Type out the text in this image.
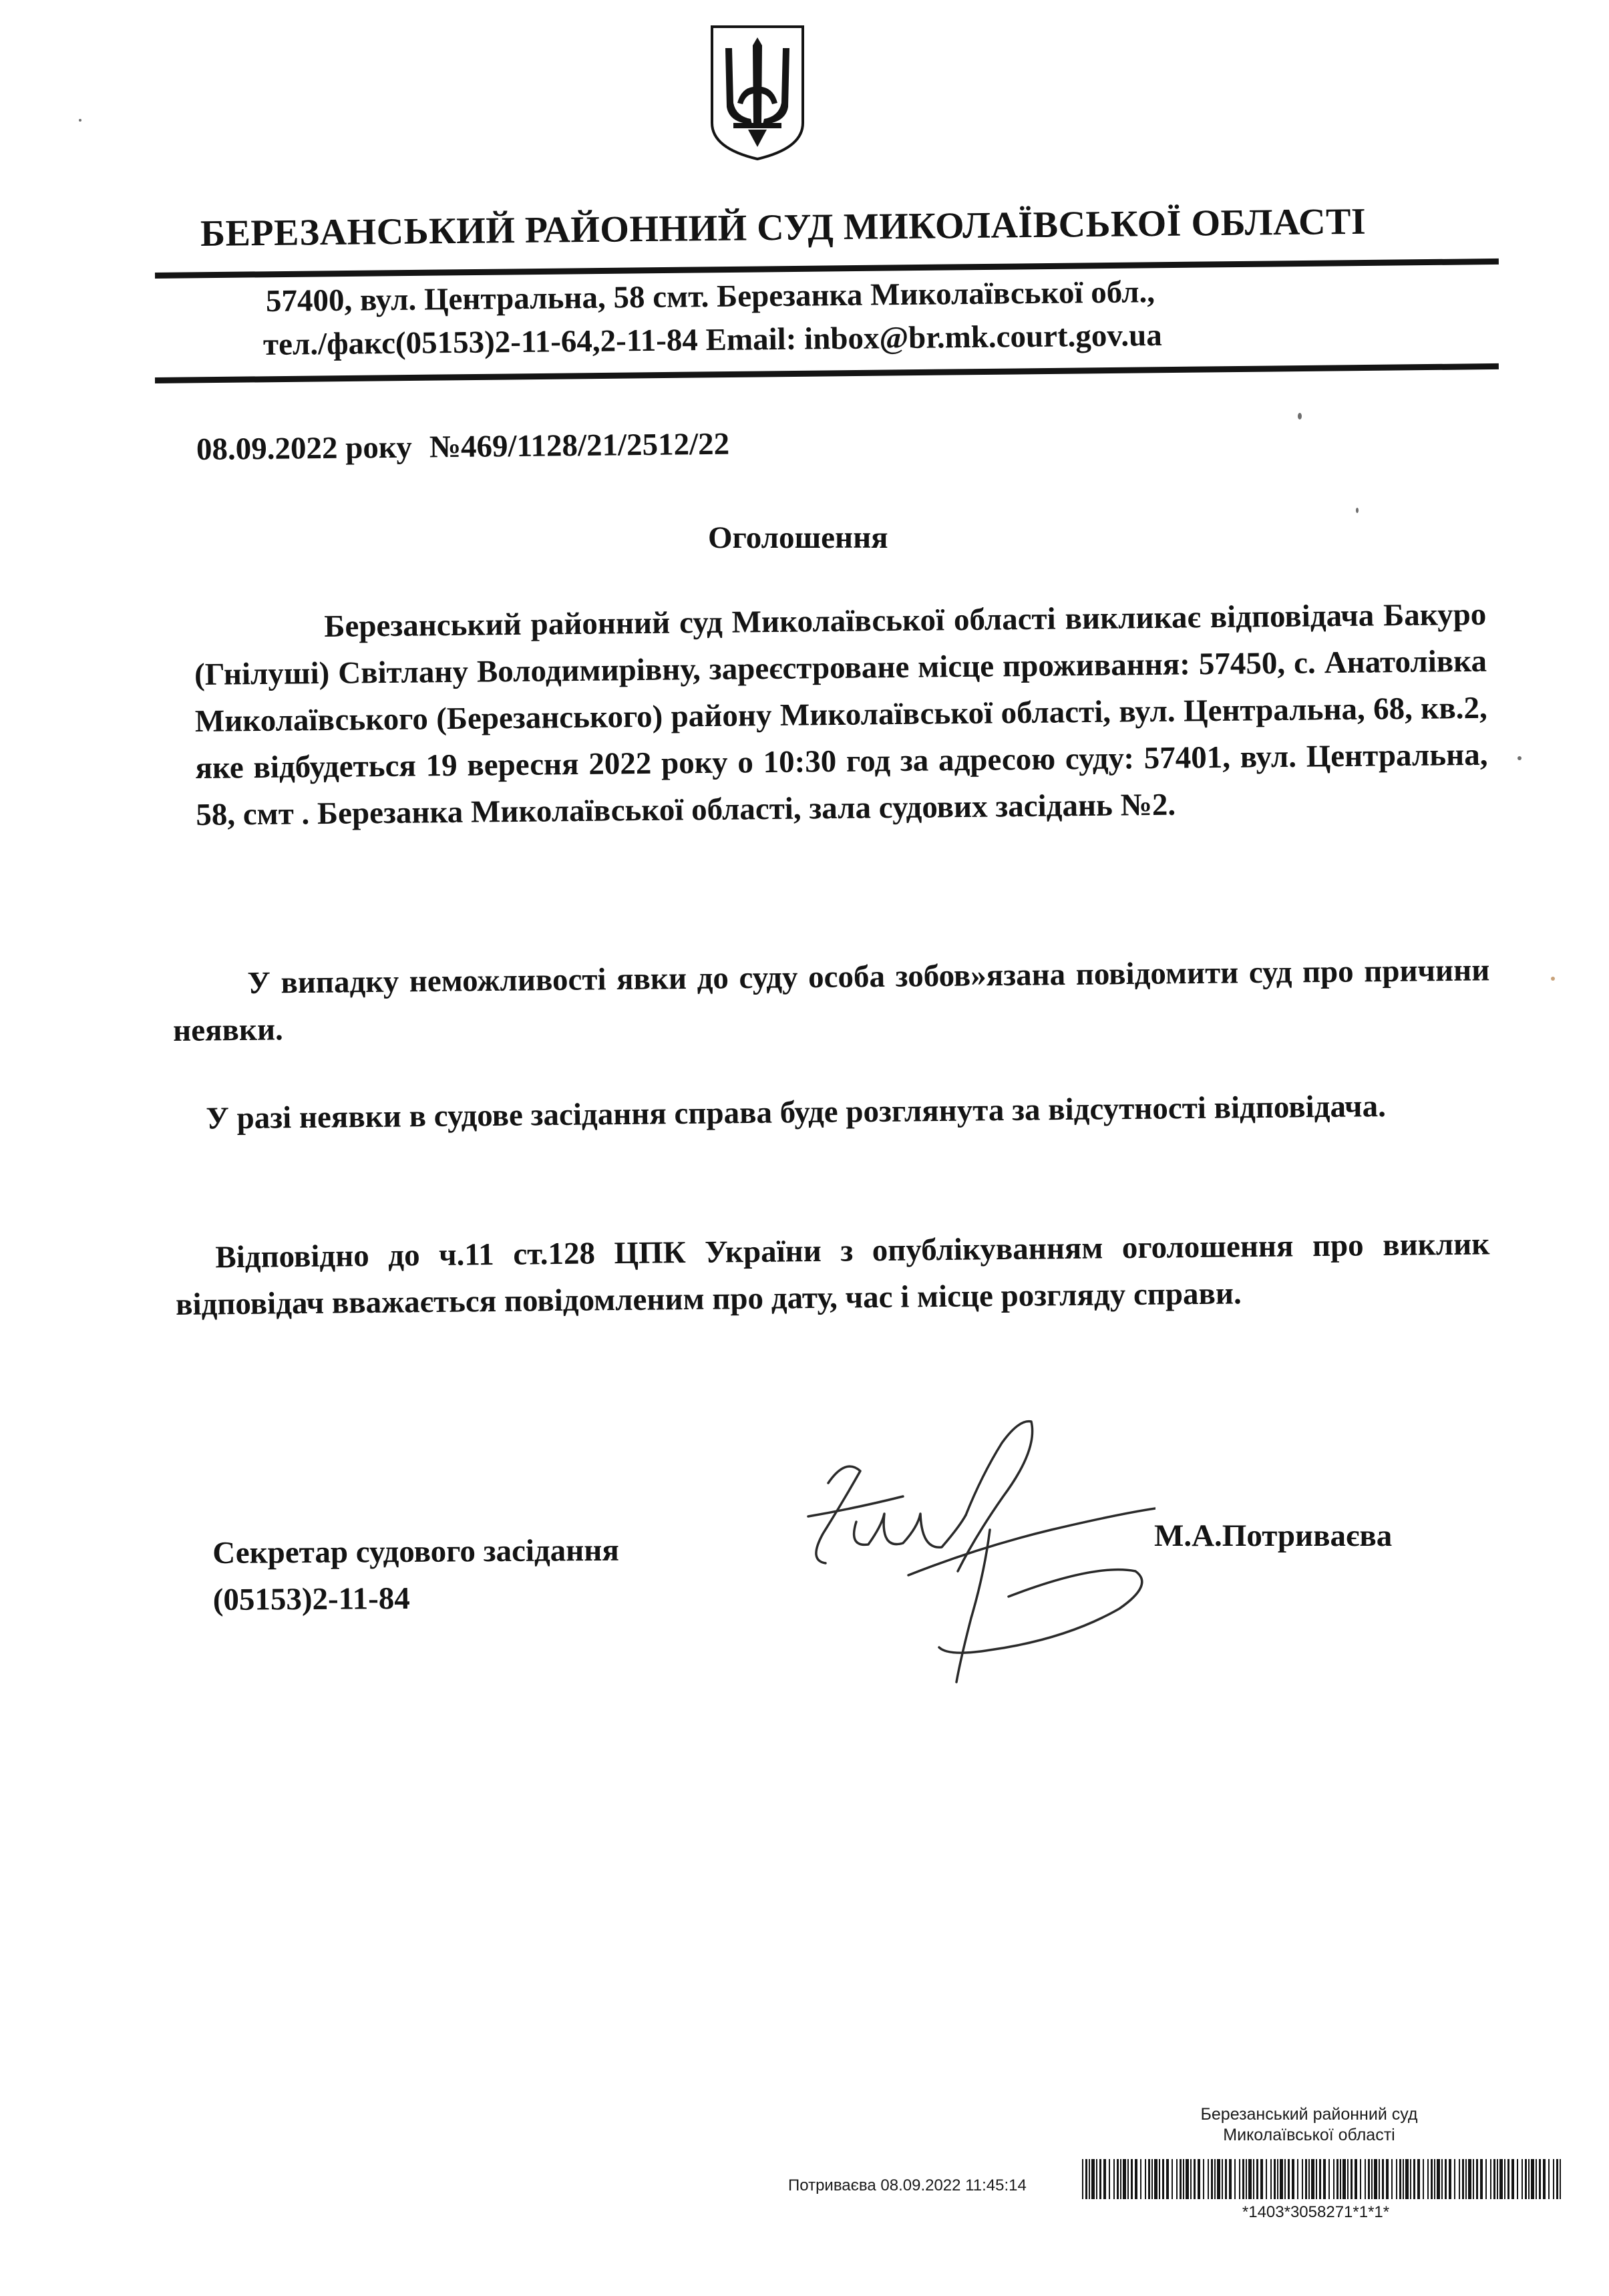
БЕРЕЗАНСЬКИЙ РАЙОННИЙ СУД МИКОЛАЇВСЬКОЇ ОБЛАСТІ
57400, вул. Центральна, 58 смт. Березанка Миколаївської обл.,
тел./факс(05153)2-11-64,2-11-84 Email: inbox@br.mk.court.gov.ua
08.09.2022 року №469/1128/21/2512/22
Оголошення
Березанський районний суд Миколаївської області викликає відповідача Бакуро (Гнілуші) Світлану Володимирівну, зареєстроване місце проживання: 57450, с. Анатолівка Миколаївського (Березанського) району Миколаївської області, вул. Центральна, 68, кв.2, яке відбудеться 19 вересня 2022 року о 10:30 год за адресою суду: 57401, вул. Центральна, 58, смт . Березанка Миколаївської області, зала судових засідань №2.
У випадку неможливості явки до суду особа зобов»язана повідомити суд про причини неявки.
У разі неявки в судове засідання справа буде розглянута за відсутності відповідача.
Відповідно до ч.11 ст.128 ЦПК України з опублікуванням оголошення про виклик відповідач вважається повідомленим про дату, час і місце розгляду справи.
Секретар судового засідання
(05153)2-11-84
М.А.Потриваєва
Березанський районний суд
Миколаївської області
Потриваєва 08.09.2022 11:45:14
*1403*3058271*1*1*
